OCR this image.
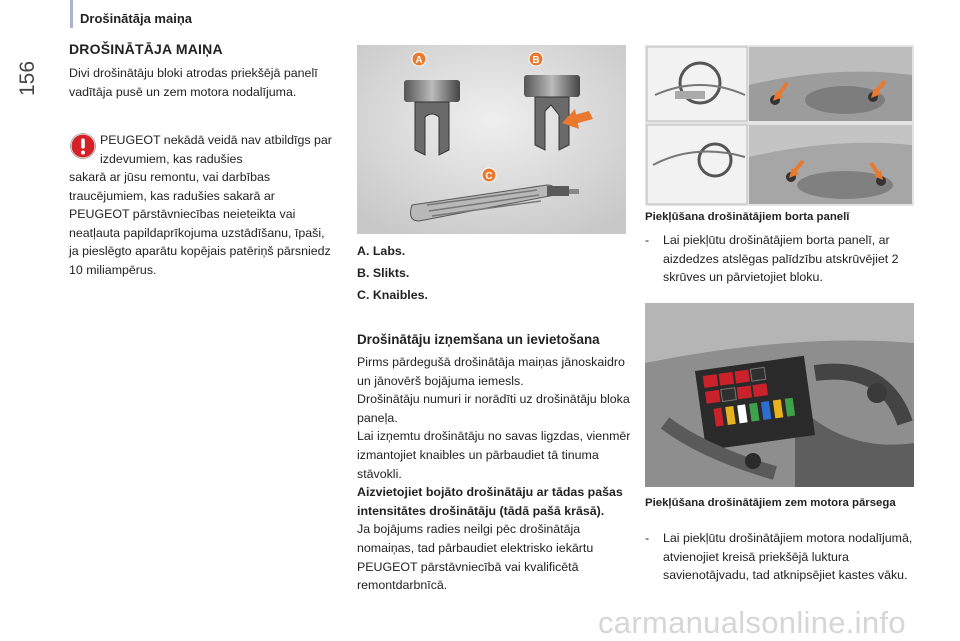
Drošinātāja maiņa
156
DROŠINĀTĀJA MAIŅA
Divi drošinātāju bloki atrodas priekšējā panelī vadītāja pusē un zem motora nodalījuma.
PEUGEOT nekādā veidā nav atbildīgs par izdevumiem, kas radušies
sakarā ar jūsu remontu, vai darbības traucējumiem, kas radušies sakarā ar PEUGEOT pārstāvniecības neieteikta vai neatļauta papildaprīkojuma uzstādīšanu, īpaši, ja pieslēgto aparātu kopējais patēriņš pārsniedz 10 miliampērus.
A	B
C
A. Labs.
B. Slikts.
C. Knaibles.
Drošinātāju izņemšana un ievietošana
Pirms pārdegušā drošinātāja maiņas jānoskaidro un jānovērš bojājuma iemesls.
Drošinātāju numuri ir norādīti uz drošinātāju bloka paneļa.
Lai izņemtu drošinātāju no savas ligzdas, vienmēr izmantojiet knaibles un pārbaudiet tā tinuma stāvokli.
Aizvietojiet bojāto drošinātāju ar tādas pašas intensitātes drošinātāju (tādā pašā krāsā).
Ja bojājums radies neilgi pēc drošinātāja nomaiņas, tad pārbaudiet elektrisko iekārtu PEUGEOT pārstāvniecībā vai kvalificētā remontdarbnīcā.
Piekļūšana drošinātājiem borta panelī
-	Lai piekļūtu drošinātājiem borta panelī, ar aizdedzes atslēgas palīdzību atskrūvējiet 2 skrūves un pārvietojiet bloku.
Piekļūšana drošinātājiem zem motora pārsega
-	Lai piekļūtu drošinātājiem motora nodalījumā, atvienojiet kreisā priekšējā luktura savienotājvadu, tad atknipsējiet kastes vāku.
carmanualsonline.info
